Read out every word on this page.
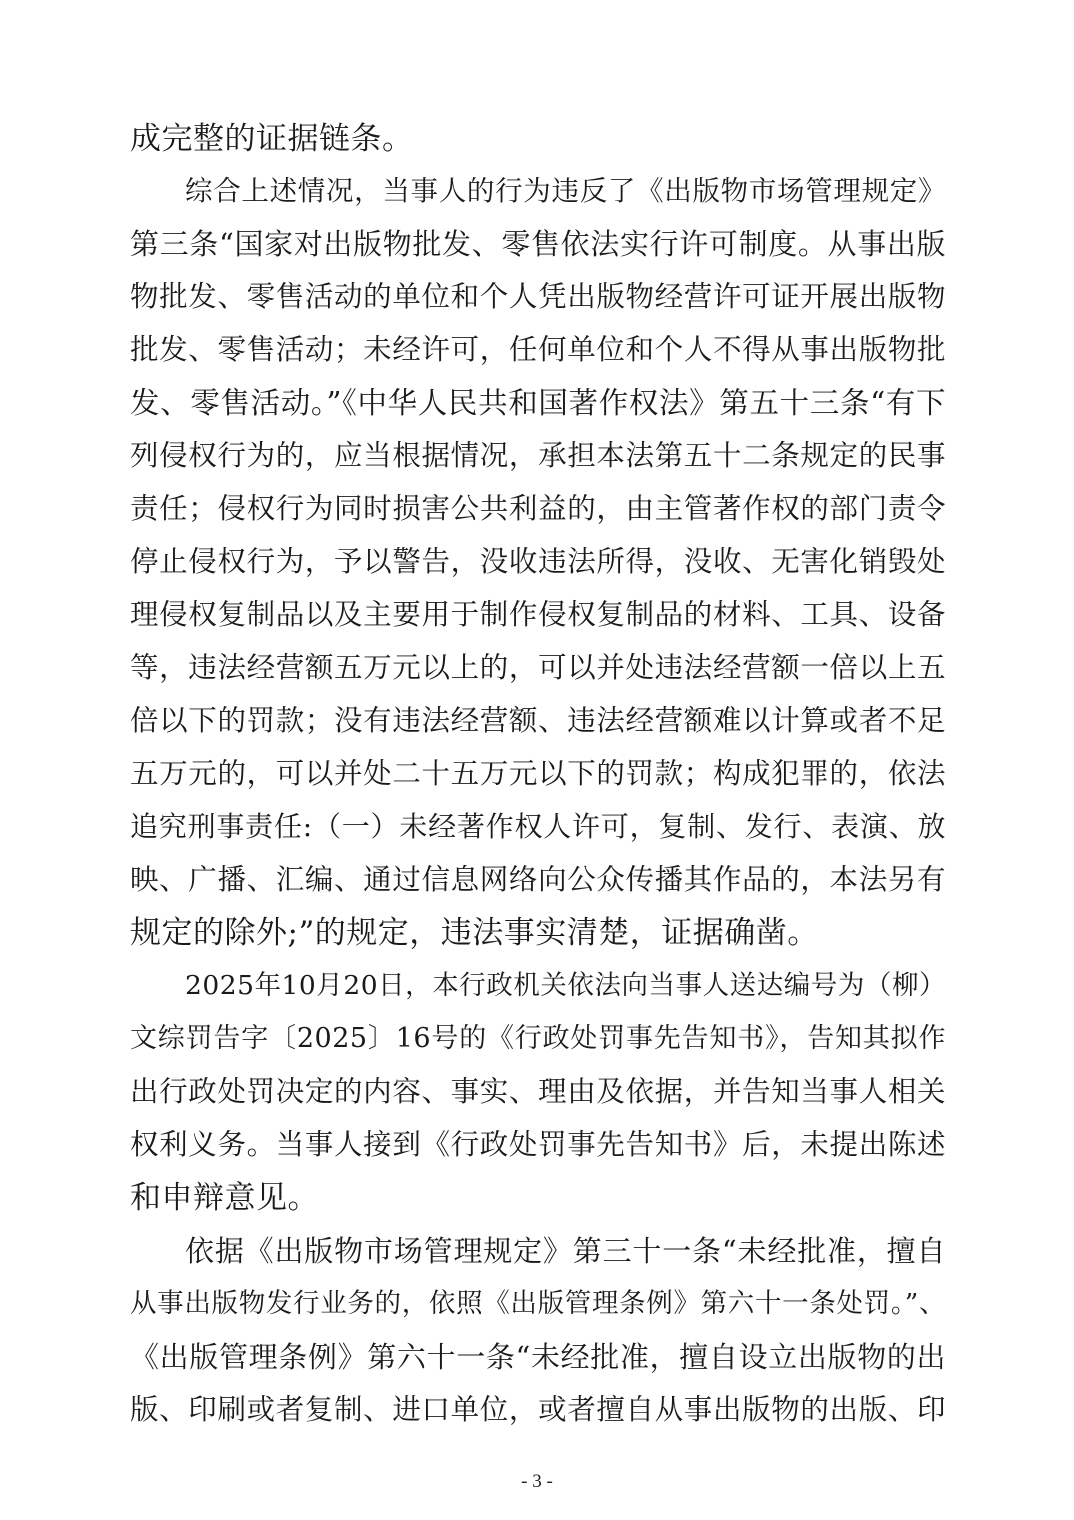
成完整的证据链条。
综合上述情况，当事人的行为违反了《出版物市场管理规定》
第三条“国家对出版物批发、零售依法实行许可制度。从事出版
物批发、零售活动的单位和个人凭出版物经营许可证开展出版物
批发、零售活动；未经许可，任何单位和个人不得从事出版物批
发、零售活动。”《中华人民共和国著作权法》第五十三条“有下
列侵权行为的，应当根据情况，承担本法第五十二条规定的民事
责任；侵权行为同时损害公共利益的，由主管著作权的部门责令
停止侵权行为，予以警告，没收违法所得，没收、无害化销毁处
理侵权复制品以及主要用于制作侵权复制品的材料、工具、设备
等，违法经营额五万元以上的，可以并处违法经营额一倍以上五
倍以下的罚款；没有违法经营额、违法经营额难以计算或者不足
五万元的，可以并处二十五万元以下的罚款；构成犯罪的，依法
追究刑事责任:（一）未经著作权人许可，复制、发行、表演、放
映、广播、汇编、通过信息网络向公众传播其作品的，本法另有
规定的除外;”的规定，违法事实清楚，证据确凿。
2025年10月20日，本行政机关依法向当事人送达编号为（柳）
文综罚告字〔2025〕16号的《行政处罚事先告知书》，告知其拟作
出行政处罚决定的内容、事实、理由及依据，并告知当事人相关
权利义务。当事人接到《行政处罚事先告知书》后，未提出陈述
和申辩意见。
依据《出版物市场管理规定》第三十一条“未经批准，擅自
从事出版物发行业务的，依照《出版管理条例》第六十一条处罚。”、
《出版管理条例》第六十一条“未经批准，擅自设立出版物的出
版、印刷或者复制、进口单位，或者擅自从事出版物的出版、印
- 3 -
